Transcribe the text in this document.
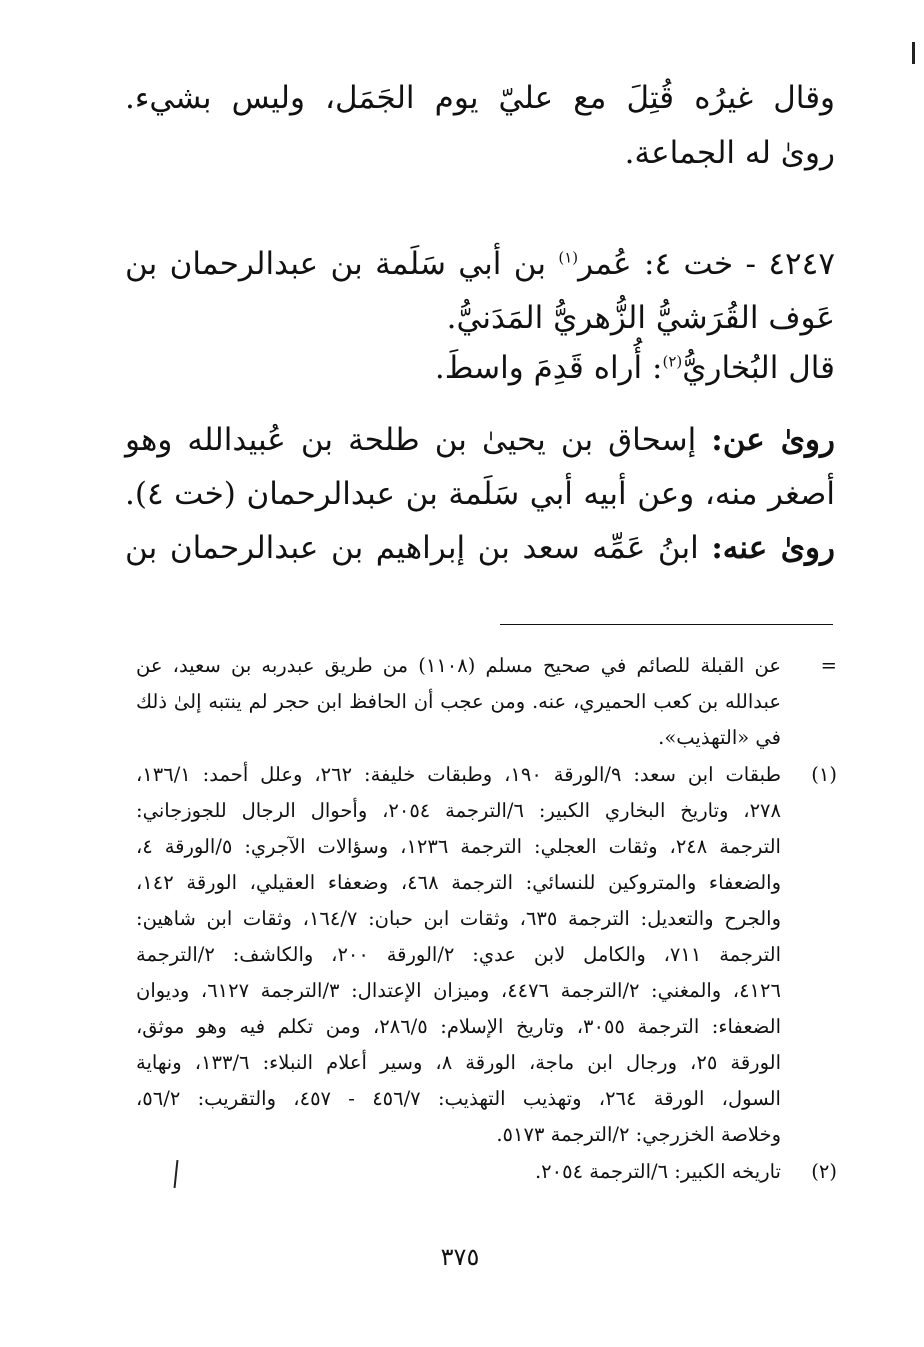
وقال غيرُه قُتِلَ مع عليّ يوم الجَمَل، وليس بشيء.
روىٰ له الجماعة.
٤٢٤٧ - خت ٤: عُمر$^{(١)}$ بن أبي سَلَمة بن عبدالرحمان بن
عَوف القُرَشيُّ الزُّهريُّ المَدَنيُّ.
قال البُخاريُّ$^{(٢)}$: أُراه قَدِمَ واسطَ.
روىٰ عن: إسحاق بن يحيىٰ بن طلحة بن عُبيدالله وهو
أصغر منه، وعن أبيه أبي سَلَمة بن عبدالرحمان (خت ٤).
روىٰ عنه: ابنُ عَمِّه سعد بن إبراهيم بن عبدالرحمان بن
=
عن القبلة للصائم في صحيح مسلم (١١٠٨) من طريق عبدربه بن سعيد، عن
عبدالله بن كعب الحميري، عنه. ومن عجب أن الحافظ ابن حجر لم ينتبه إلىٰ ذلك
في «التهذيب».
(١)
طبقات ابن سعد: ٩/الورقة ١٩٠، وطبقات خليفة: ٢٦٢، وعلل أحمد: ١٣٦/١،
٢٧٨، وتاريخ البخاري الكبير: ٦/الترجمة ٢٠٥٤، وأحوال الرجال للجوزجاني:
الترجمة ٢٤٨، وثقات العجلي: الترجمة ١٢٣٦، وسؤالات الآجري: ٥/الورقة ٤،
والضعفاء والمتروكين للنسائي: الترجمة ٤٦٨، وضعفاء العقيلي، الورقة ١٤٢،
والجرح والتعديل: الترجمة ٦٣٥، وثقات ابن حبان: ١٦٤/٧، وثقات ابن شاهين:
الترجمة ٧١١، والكامل لابن عدي: ٢/الورقة ٢٠٠، والكاشف: ٢/الترجمة
٤١٢٦، والمغني: ٢/الترجمة ٤٤٧٦، وميزان الإعتدال: ٣/الترجمة ٦١٢٧، وديوان
الضعفاء: الترجمة ٣٠٥٥، وتاريخ الإسلام: ٢٨٦/٥، ومن تكلم فيه وهو موثق،
الورقة ٢٥، ورجال ابن ماجة، الورقة ٨، وسير أعلام النبلاء: ١٣٣/٦، ونهاية
السول، الورقة ٢٦٤، وتهذيب التهذيب: ٤٥٦/٧ - ٤٥٧، والتقريب: ٥٦/٢،
وخلاصة الخزرجي: ٢/الترجمة ٥١٧٣.
(٢)
تاريخه الكبير: ٦/الترجمة ٢٠٥٤.
٣٧٥
